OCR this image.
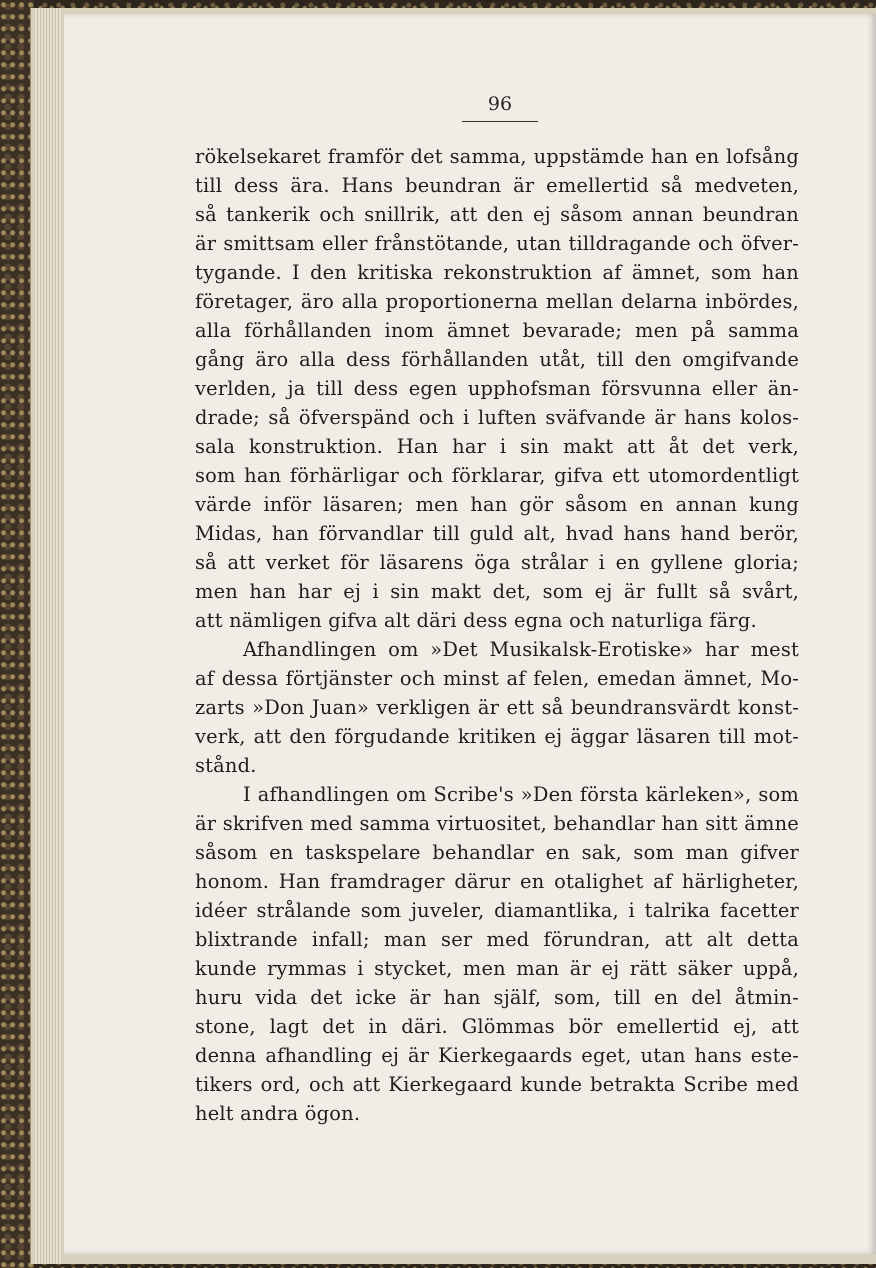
96
rökelsekaret framför det samma, uppstämde han en lofsång
till dess ära. Hans beundran är emellertid så medveten,
så tankerik och snillrik, att den ej såsom annan beundran
är smittsam eller frånstötande, utan tilldragande och öfver-
tygande. I den kritiska rekonstruktion af ämnet, som han
företager, äro alla proportionerna mellan delarna inbördes,
alla förhållanden inom ämnet bevarade; men på samma
gång äro alla dess förhållanden utåt, till den omgifvande
verlden, ja till dess egen upphofsman försvunna eller än-
drade; så öfverspänd och i luften sväfvande är hans kolos-
sala konstruktion. Han har i sin makt att åt det verk,
som han förhärligar och förklarar, gifva ett utomordentligt
värde inför läsaren; men han gör såsom en annan kung
Midas, han förvandlar till guld alt, hvad hans hand berör,
så att verket för läsarens öga strålar i en gyllene gloria;
men han har ej i sin makt det, som ej är fullt så svårt,
att nämligen gifva alt däri dess egna och naturliga färg.
Afhandlingen om »Det Musikalsk-Erotiske» har mest
af dessa förtjänster och minst af felen, emedan ämnet, Mo-
zarts »Don Juan» verkligen är ett så beundransvärdt konst-
verk, att den förgudande kritiken ej äggar läsaren till mot-
stånd.
I afhandlingen om Scribe's »Den första kärleken», som
är skrifven med samma virtuositet, behandlar han sitt ämne
såsom en taskspelare behandlar en sak, som man gifver
honom. Han framdrager därur en otalighet af härligheter,
idéer strålande som juveler, diamantlika, i talrika facetter
blixtrande infall; man ser med förundran, att alt detta
kunde rymmas i stycket, men man är ej rätt säker uppå,
huru vida det icke är han själf, som, till en del åtmin-
stone, lagt det in däri. Glömmas bör emellertid ej, att
denna afhandling ej är Kierkegaards eget, utan hans este-
tikers ord, och att Kierkegaard kunde betrakta Scribe med
helt andra ögon.
